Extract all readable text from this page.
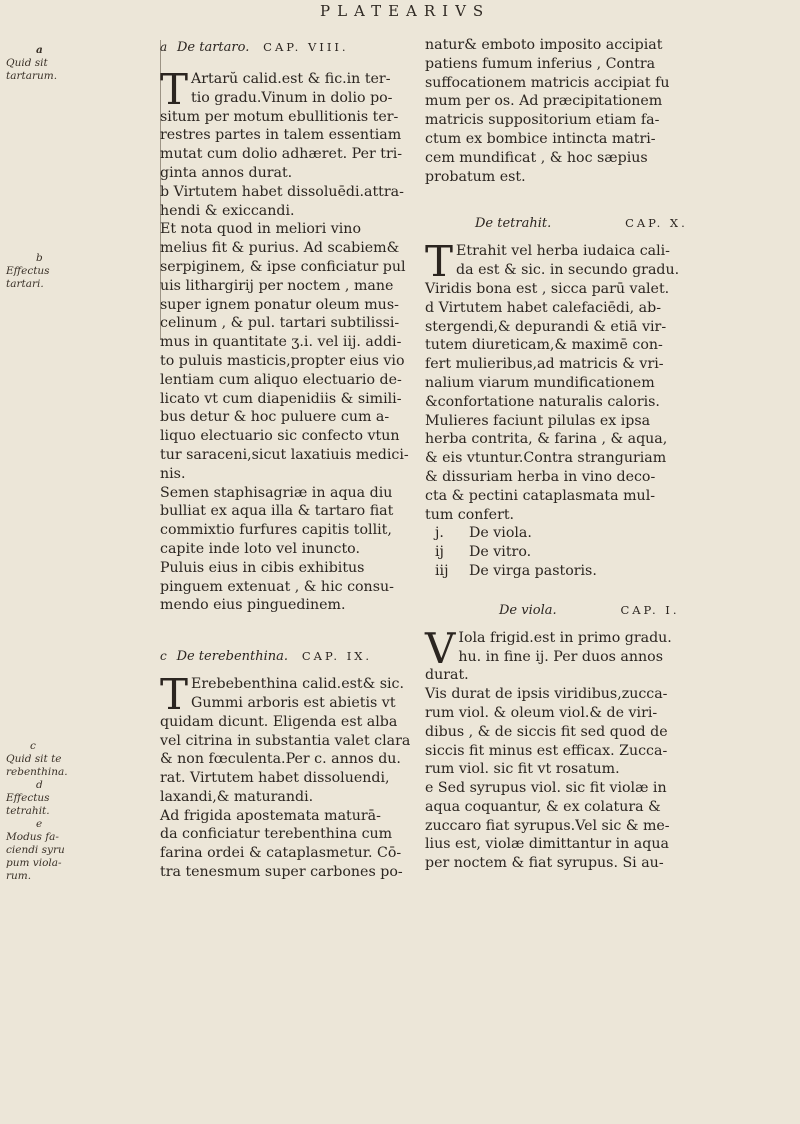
PLATEARIVS
a
Quid sit
tartarum.
b
Effectus
tartari.
c
Quid sit te
rebenthina.
d
Effectus
tetrahit.
e
Modus fa-
ciendi syru
pum viola-
rum.
a De tartaro. CAP. VIII.
T Artarŭ calid.est & fic.in ter-
tio gradu.Vinum in dolio po-
situm per motum ebullitionis ter-
restres partes in talem essentiam
mutat cum dolio adhæret. Per tri-
ginta annos durat.
b Virtutem habet dissoluēdi.attra-
hendi & exiccandi.
Et nota quod in meliori vino
melius fit & purius. Ad scabiem&
serpiginem, & ipse conficiatur pul
uis lithargirij per noctem , mane
super ignem ponatur oleum mus-
celinum , & pul. tartari subtilissi-
mus in quantitate ʒ.i. vel iij. addi-
to puluis masticis,propter eius vio
lentiam cum aliquo electuario de-
licato vt cum diapenidiis & simili-
bus detur & hoc puluere cum a-
liquo electuario sic confecto vtun
tur saraceni,sicut laxatiuis medici-
nis.
Semen staphisagriæ in aqua diu
bulliat ex aqua illa & tartaro fiat
commixtio furfures capitis tollit,
capite inde loto vel inuncto.
Puluis eius in cibis exhibitus
pinguem extenuat , & hic consu-
mendo eius pinguedinem.
c De terebenthina. CAP. IX.
T Erebebenthina calid.est& sic.
Gummi arboris est abietis vt
quidam dicunt. Eligenda est alba
vel citrina in substantia valet clara
& non fœculenta.Per c. annos du.
rat. Virtutem habet dissoluendi,
laxandi,& maturandi.
Ad frigida apostemata maturā-
da conficiatur terebenthina cum
farina ordei & cataplasmetur. Cō-
tra tenesmum super carbones po-
natur& emboto imposito accipiat
patiens fumum inferius , Contra
suffocationem matricis accipiat fu
mum per os. Ad præcipitationem
matricis suppositorium etiam fa-
ctum ex bombice intincta matri-
cem mundificat , & hoc sæpius
probatum est.
De tetrahit.	CAP. X.
T Etrahit vel herba iudaica cali-
da est & sic. in secundo gradu.
Viridis bona est , sicca parū valet.
d Virtutem habet calefaciēdi, ab-
stergendi,& depurandi & etiā vir-
tutem diureticam,& maximē con-
fert mulieribus,ad matricis & vri-
nalium viarum mundificationem
&confortatione naturalis caloris.
Mulieres faciunt pilulas ex ipsa
herba contrita, & farina , & aqua,
& eis vtuntur.Contra stranguriam
& dissuriam herba in vino deco-
cta & pectini cataplasmata mul-
tum confert.
j. De viola.
ij De vitro.
iij De virga pastoris.
De viola.	CAP. I.
V Iola frigid.est in primo gradu.
hu. in fine ij. Per duos annos
durat.
Vis durat de ipsis viridibus,zucca-
rum viol. & oleum viol.& de viri-
dibus , & de siccis fit sed quod de
siccis fit minus est efficax. Zucca-
rum viol. sic fit vt rosatum.
e Sed syrupus viol. sic fit violæ in
aqua coquantur, & ex colatura &
zuccaro fiat syrupus.Vel sic & me-
lius est, violæ dimittantur in aqua
per noctem & fiat syrupus. Si au-
